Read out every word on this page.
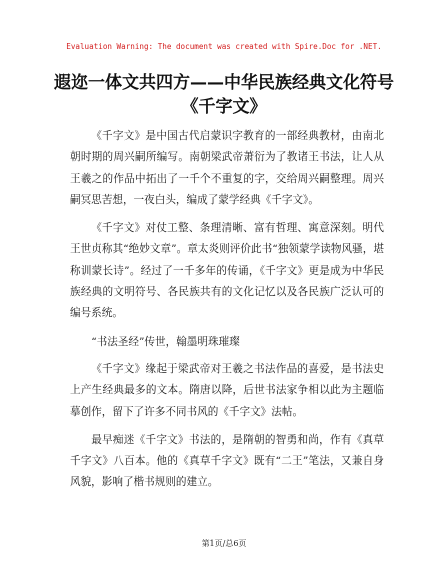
Evaluation Warning: The document was created with Spire.Doc for .NET.
遐迩一体文共四方——中华民族经典文化符号
《千字文》

《千字文》是中国古代启蒙识字教育的一部经典教材，由南北朝时期的周兴嗣所编写。南朝梁武帝萧衍为了教诸王书法，让人从王羲之的作品中拓出了一千个不重复的字，交给周兴嗣整理。周兴嗣冥思苦想，一夜白头，编成了蒙学经典《千字文》。

《千字文》对仗工整、条理清晰、富有哲理、寓意深刻。明代王世贞称其“绝妙文章”。章太炎则评价此书“独领蒙学读物风骚，堪称训蒙长诗”。经过了一千多年的传诵，《千字文》更是成为中华民族经典的文明符号、各民族共有的文化记忆以及各民族广泛认可的编号系统。

“书法圣经”传世，翰墨明珠璀璨

《千字文》缘起于梁武帝对王羲之书法作品的喜爱，是书法史上产生经典最多的文本。隋唐以降，后世书法家争相以此为主题临摹创作，留下了许多不同书风的《千字文》法帖。

最早痴迷《千字文》书法的，是隋朝的智勇和尚，作有《真草千字文》八百本。他的《真草千字文》既有“二王”笔法，又兼自身风貌，影响了楷书规则的建立。

第1页/总6页
